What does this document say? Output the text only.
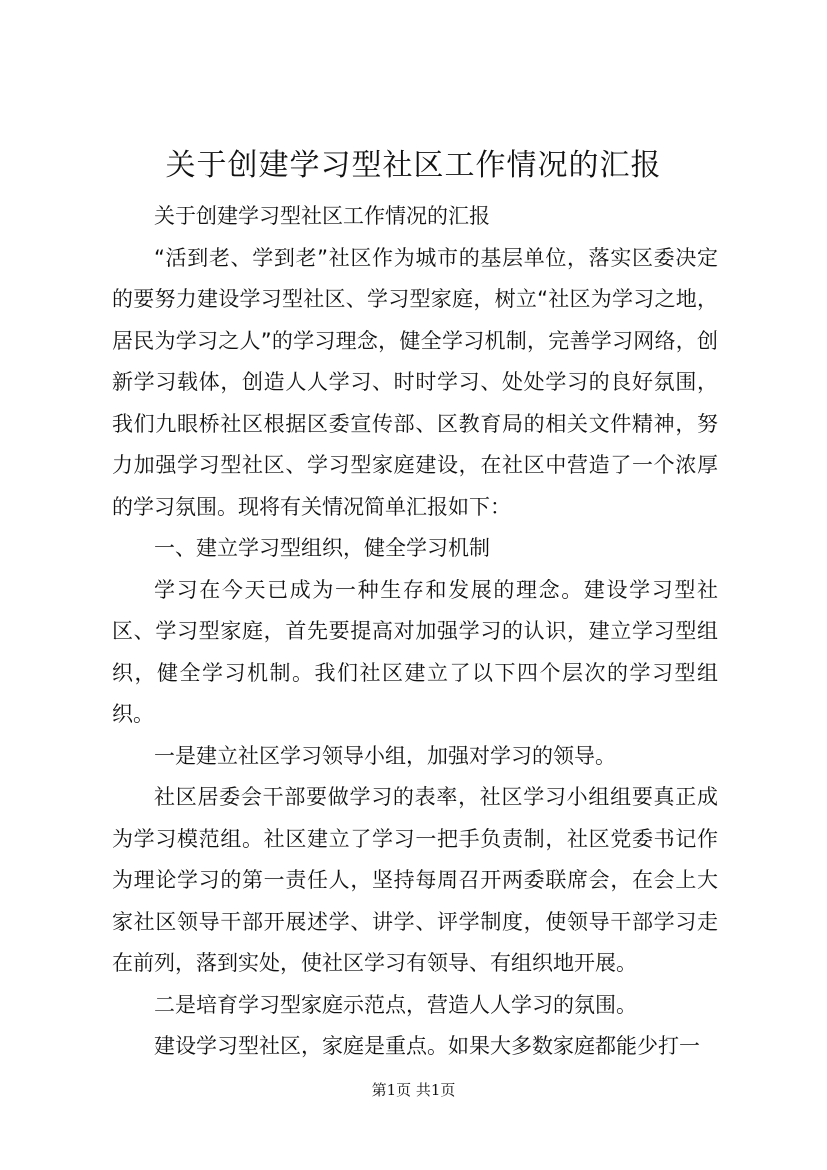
关于创建学习型社区工作情况的汇报

关于创建学习型社区工作情况的汇报

“活到老、学到老”社区作为城市的基层单位，落实区委决定的要努力建设学习型社区、学习型家庭，树立“社区为学习之地，居民为学习之人”的学习理念，健全学习机制，完善学习网络，创新学习载体，创造人人学习、时时学习、处处学习的良好氛围，我们九眼桥社区根据区委宣传部、区教育局的相关文件精神，努力加强学习型社区、学习型家庭建设，在社区中营造了一个浓厚的学习氛围。现将有关情况简单汇报如下：

一、建立学习型组织，健全学习机制

学习在今天已成为一种生存和发展的理念。建设学习型社区、学习型家庭，首先要提高对加强学习的认识，建立学习型组织，健全学习机制。我们社区建立了以下四个层次的学习型组织。

一是建立社区学习领导小组，加强对学习的领导。

社区居委会干部要做学习的表率，社区学习小组组要真正成为学习模范组。社区建立了学习一把手负责制，社区党委书记作为理论学习的第一责任人，坚持每周召开两委联席会，在会上大家社区领导干部开展述学、讲学、评学制度，使领导干部学习走在前列，落到实处，使社区学习有领导、有组织地开展。

二是培育学习型家庭示范点，营造人人学习的氛围。

建设学习型社区，家庭是重点。如果大多数家庭都能少打一

第1页 共1页
